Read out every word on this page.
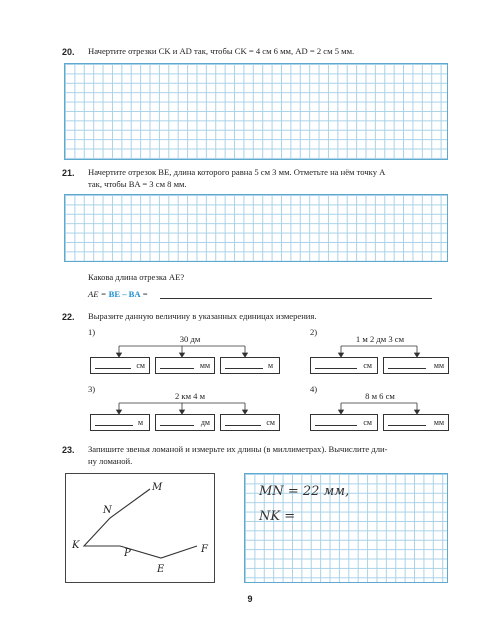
20. Начертите отрезки CK и AD так, чтобы CK = 4 см 6 мм, AD = 2 см 5 мм.
21. Начертите отрезок BE, длина которого равна 5 см 3 мм. Отметьте на нём точку A
так, чтобы BA = 3 см 8 мм.
Какова длина отрезка AE?
AE = BE – BA =
22. Выразите данную величину в указанных единицах измерения.
1)
30 дм
см	мм	м
2)
1 м 2 дм 3 см
см	мм
3)
2 км 4 м
м	дм	см
4)
8 м 6 см
см	мм
23. Запишите звенья ломаной и измерьте их длины (в миллиметрах). Вычислите дли-
ну ломаной.
M
N
K
P
E
F
MN = 22 мм,
NK =
9
